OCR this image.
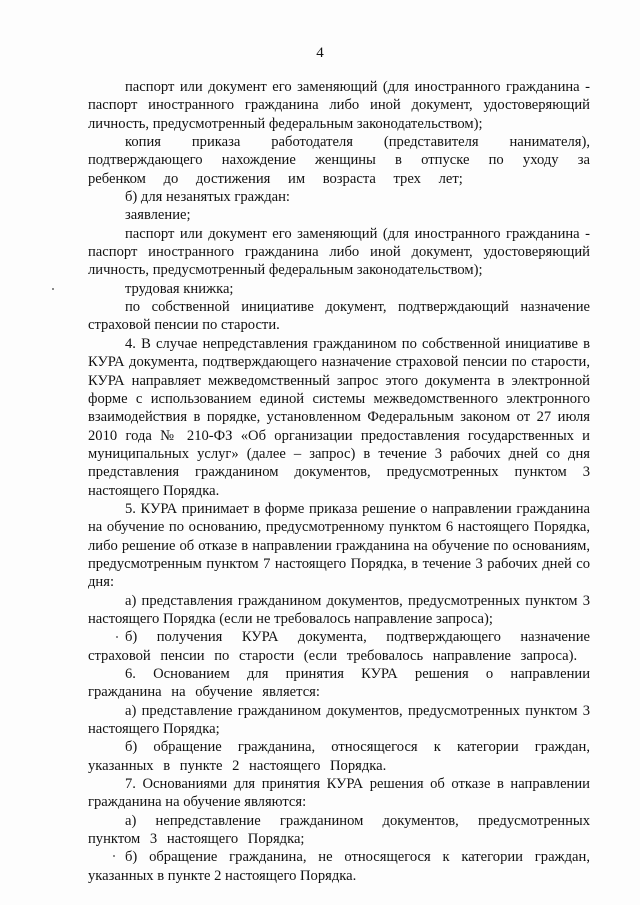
4

паспорт или документ его заменяющий (для иностранного гражданина - паспорт иностранного гражданина либо иной документ, удостоверяющий личность, предусмотренный федеральным законодательством);

копия приказа работодателя (представителя нанимателя), подтверждающего нахождение женщины в отпуске по уходу за ребенком до достижения им возраста трех лет;

б) для незанятых граждан:

заявление;

паспорт или документ его заменяющий (для иностранного гражданина - паспорт иностранного гражданина либо иной документ, удостоверяющий личность, предусмотренный федеральным законодательством);

трудовая книжка;

по собственной инициативе документ, подтверждающий назначение страховой пенсии по старости.

4. В случае непредставления гражданином по собственной инициативе в КУРА документа, подтверждающего назначение страховой пенсии по старости, КУРА направляет межведомственный запрос этого документа в электронной форме с использованием единой системы межведомственного электронного взаимодействия в порядке, установленном Федеральным законом от 27 июля 2010 года № 210-ФЗ «Об организации предоставления государственных и муниципальных услуг» (далее – запрос) в течение 3 рабочих дней со дня представления гражданином документов, предусмотренных пунктом 3 настоящего Порядка.

5. КУРА принимает в форме приказа решение о направлении гражданина на обучение по основанию, предусмотренному пунктом 6 настоящего Порядка, либо решение об отказе в направлении гражданина на обучение по основаниям, предусмотренным пунктом 7 настоящего Порядка, в течение 3 рабочих дней со дня:

а) представления гражданином документов, предусмотренных пунктом 3 настоящего Порядка (если не требовалось направление запроса);

б) получения КУРА документа, подтверждающего назначение страховой пенсии по старости (если требовалось направление запроса).

6. Основанием для принятия КУРА решения о направлении гражданина на обучение является:

а) представление гражданином документов, предусмотренных пунктом 3 настоящего Порядка;

б) обращение гражданина, относящегося к категории граждан, указанных в пункте 2 настоящего Порядка.

7. Основаниями для принятия КУРА решения об отказе в направлении гражданина на обучение являются:

а) непредставление гражданином документов, предусмотренных пунктом 3 настоящего Порядка;

б) обращение гражданина, не относящегося к категории граждан, указанных в пункте 2 настоящего Порядка.
